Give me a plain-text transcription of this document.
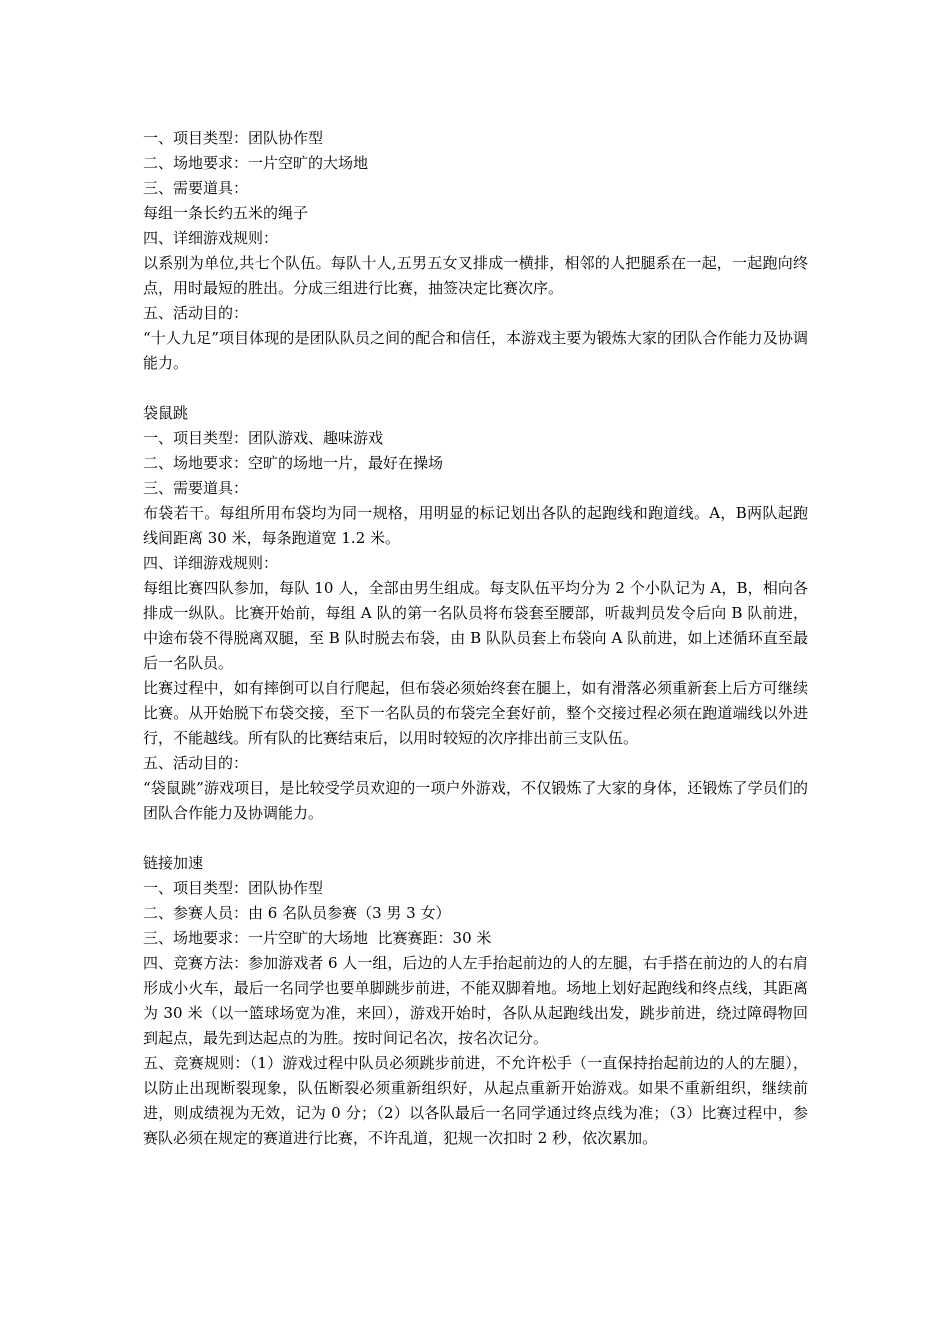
一、项目类型：团队协作型

二、场地要求：一片空旷的大场地

三、需要道具：

每组一条长约五米的绳子

四、详细游戏规则：

以系别为单位,共七个队伍。每队十人,五男五女叉排成一横排，相邻的人把腿系在一起，一起跑向终点，用时最短的胜出。分成三组进行比赛，抽签决定比赛次序。

五、活动目的：

“十人九足”项目体现的是团队队员之间的配合和信任，本游戏主要为锻炼大家的团队合作能力及协调能力。

袋鼠跳

一、项目类型：团队游戏、趣味游戏

二、场地要求：空旷的场地一片，最好在操场

三、需要道具：

布袋若干。每组所用布袋均为同一规格，用明显的标记划出各队的起跑线和跑道线。A，B两队起跑线间距离 30 米，每条跑道宽 1.2 米。

四、详细游戏规则：

每组比赛四队参加，每队 10 人，全部由男生组成。每支队伍平均分为 2 个小队记为 A，B，相向各排成一纵队。比赛开始前，每组 A 队的第一名队员将布袋套至腰部，听裁判员发令后向 B 队前进，中途布袋不得脱离双腿，至 B 队时脱去布袋，由 B 队队员套上布袋向 A 队前进，如上述循环直至最后一名队员。

比赛过程中，如有摔倒可以自行爬起，但布袋必须始终套在腿上，如有滑落必须重新套上后方可继续比赛。从开始脱下布袋交接，至下一名队员的布袋完全套好前，整个交接过程必须在跑道端线以外进行，不能越线。所有队的比赛结束后，以用时较短的次序排出前三支队伍。

五、活动目的：

“袋鼠跳”游戏项目，是比较受学员欢迎的一项户外游戏，不仅锻炼了大家的身体，还锻炼了学员们的团队合作能力及协调能力。

链接加速

一、项目类型：团队协作型

二、参赛人员：由 6 名队员参赛（3 男 3 女）

三、场地要求：一片空旷的大场地  比赛赛距：30 米

四、竞赛方法：参加游戏者 6 人一组，后边的人左手抬起前边的人的左腿，右手搭在前边的人的右肩形成小火车，最后一名同学也要单脚跳步前进，不能双脚着地。场地上划好起跑线和终点线，其距离为 30 米（以一篮球场宽为准，来回），游戏开始时，各队从起跑线出发，跳步前进，绕过障碍物回到起点，最先到达起点的为胜。按时间记名次，按名次记分。

五、竞赛规则：（1）游戏过程中队员必须跳步前进，不允许松手（一直保持抬起前边的人的左腿），以防止出现断裂现象，队伍断裂必须重新组织好，从起点重新开始游戏。如果不重新组织，继续前进，则成绩视为无效，记为 0 分；（2）以各队最后一名同学通过终点线为准；（3）比赛过程中，参赛队必须在规定的赛道进行比赛，不许乱道，犯规一次扣时 2 秒，依次累加。
